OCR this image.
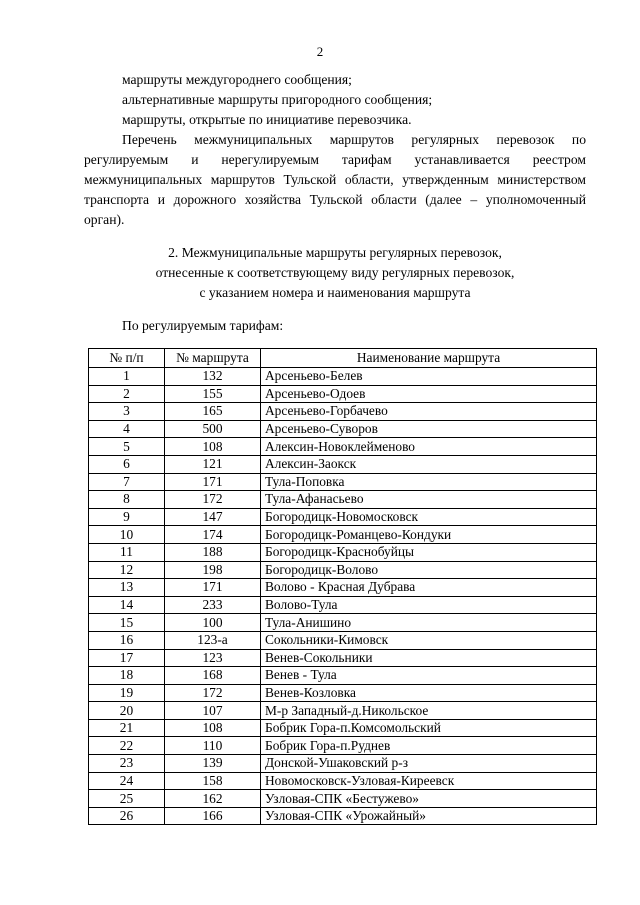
2
маршруты междугороднего сообщения;
альтернативные маршруты пригородного сообщения;
маршруты, открытые по инициативе перевозчика.
Перечень межмуниципальных маршрутов регулярных перевозок по регулируемым и нерегулируемым тарифам устанавливается реестром межмуниципальных маршрутов Тульской области, утвержденным министерством транспорта и дорожного хозяйства Тульской области (далее – уполномоченный орган).
2. Межмуниципальные маршруты регулярных перевозок,
отнесенные к соответствующему виду регулярных перевозок,
с указанием номера и наименования маршрута
По регулируемым тарифам:
№ п/п	№ маршрута	Наименование маршрута
1	132	Арсеньево-Белев
2	155	Арсеньево-Одоев
3	165	Арсеньево-Горбачево
4	500	Арсеньево-Суворов
5	108	Алексин-Новоклейменово
6	121	Алексин-Заокск
7	171	Тула-Поповка
8	172	Тула-Афанасьево
9	147	Богородицк-Новомосковск
10	174	Богородицк-Романцево-Кондуки
11	188	Богородицк-Краснобуйцы
12	198	Богородицк-Волово
13	171	Волово - Красная Дубрава
14	233	Волово-Тула
15	100	Тула-Анишино
16	123-а	Сокольники-Кимовск
17	123	Венев-Сокольники
18	168	Венев - Тула
19	172	Венев-Козловка
20	107	М-р Западный-д.Никольское
21	108	Бобрик Гора-п.Комсомольский
22	110	Бобрик Гора-п.Руднев
23	139	Донской-Ушаковский р-з
24	158	Новомосковск-Узловая-Киреевск
25	162	Узловая-СПК «Бестужево»
26	166	Узловая-СПК «Урожайный»
